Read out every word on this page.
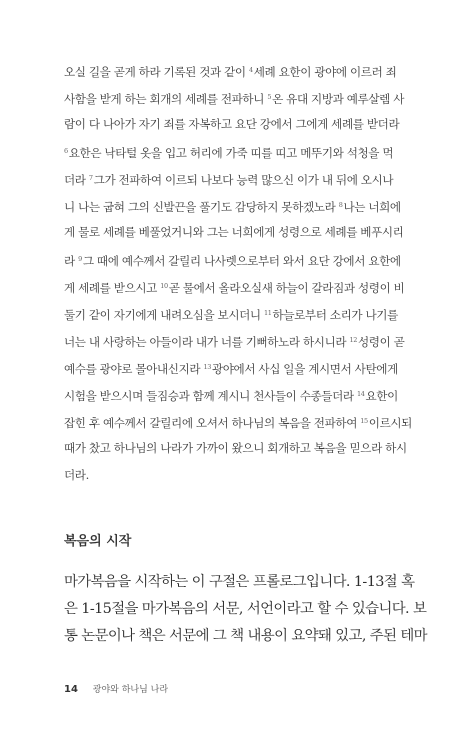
오실 길을 곧게 하라 기록된 것과 같이 $^4$세례 요한이 광야에 이르러 죄
사함을 받게 하는 회개의 세례를 전파하니 $^5$온 유대 지방과 예루살렘 사
람이 다 나아가 자기 죄를 자복하고 요단 강에서 그에게 세례를 받더라
$^6$요한은 낙타털 옷을 입고 허리에 가죽 띠를 띠고 메뚜기와 석청을 먹
더라 $^7$그가 전파하여 이르되 나보다 능력 많으신 이가 내 뒤에 오시나
니 나는 굽혀 그의 신발끈을 풀기도 감당하지 못하겠노라 $^8$나는 너희에
게 물로 세례를 베풀었거니와 그는 너희에게 성령으로 세례를 베푸시리
라 $^9$그 때에 예수께서 갈릴리 나사렛으로부터 와서 요단 강에서 요한에
게 세례를 받으시고 $^{10}$곧 물에서 올라오실새 하늘이 갈라짐과 성령이 비
둘기 같이 자기에게 내려오심을 보시더니 $^{11}$하늘로부터 소리가 나기를
너는 내 사랑하는 아들이라 내가 너를 기뻐하노라 하시니라 $^{12}$성령이 곧
예수를 광야로 몰아내신지라 $^{13}$광야에서 사십 일을 계시면서 사탄에게
시험을 받으시며 들짐승과 함께 계시니 천사들이 수종들더라 $^{14}$요한이
잡힌 후 예수께서 갈릴리에 오셔서 하나님의 복음을 전파하여 $^{15}$이르시되
때가 찼고 하나님의 나라가 가까이 왔으니 회개하고 복음을 믿으라 하시
더라.
복음의 시작
마가복음을 시작하는 이 구절은 프롤로그입니다. 1-13절 혹
은 1-15절을 마가복음의 서문, 서언이라고 할 수 있습니다. 보
통 논문이나 책은 서문에 그 책 내용이 요약돼 있고, 주된 테마
14 광야와 하나님 나라
